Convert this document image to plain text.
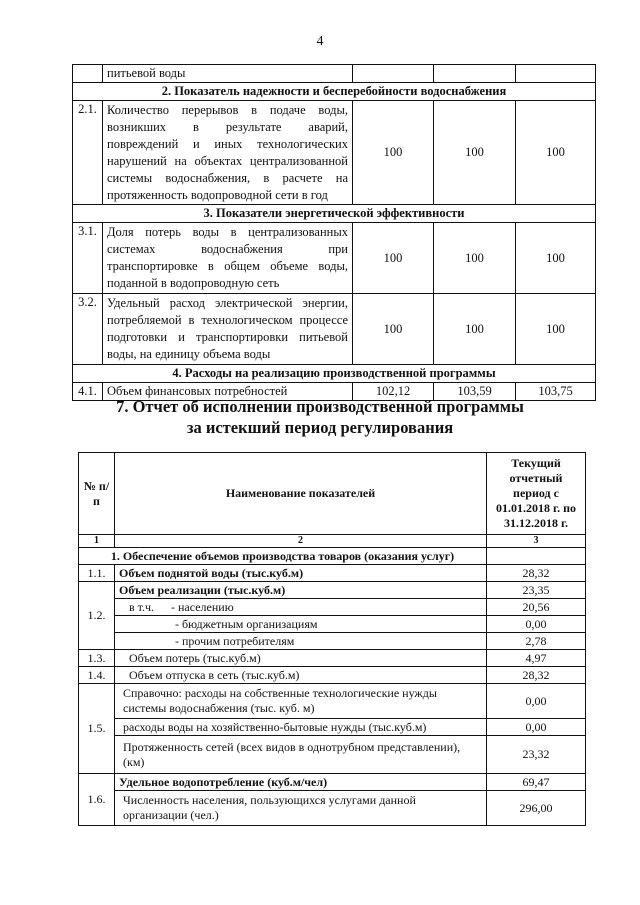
4
	питьевой воды			
2. Показатель надежности и бесперебойности водоснабжения				
2.1.	Количество перерывов в подаче воды, возникших в результате аварий, повреждений и иных технологических нарушений на объектах централизованной системы водоснабжения, в расчете на протяженность водопроводной сети в год	100	100	100
3. Показатели энергетической эффективности				
3.1.	Доля потерь воды в централизованных системах водоснабжения при транспортировке в общем объеме воды, поданной в водопроводную сеть	100	100	100
3.2.	Удельный расход электрической энергии, потребляемой в технологическом процессе подготовки и транспортировки питьевой воды, на единицу объема воды	100	100	100
4. Расходы на реализацию производственной программы				
4.1.	Объем финансовых потребностей	102,12	103,59	103,75
7. Отчет об исполнении производственной программы
за истекший период регулирования
№ п/п	Наименование показателей	Текущий отчетный период с 01.01.2018 г. по 31.12.2018 г.
1	2	3
1. Обеспечение объемов производства товаров (оказания услуг)		
1.1.	Объем поднятой воды (тыс.куб.м)	28,32
1.2.	Объем реализации (тыс.куб.м)	23,35
	в т.ч. - населению	20,56
	- бюджетным организациям	0,00
	- прочим потребителям	2,78
1.3.	Объем потерь (тыс.куб.м)	4,97
1.4.	Объем отпуска в сеть (тыс.куб.м)	28,32
1.5.	Справочно: расходы на собственные технологические нужды системы водоснабжения (тыс. куб. м)	0,00
	расходы воды на хозяйственно-бытовые нужды (тыс.куб.м)	0,00
	Протяженность сетей (всех видов в однотрубном представлении), (км)	23,32
1.6.	Удельное водопотребление (куб.м/чел)	69,47
	Численность населения, пользующихся услугами данной организации (чел.)	296,00
